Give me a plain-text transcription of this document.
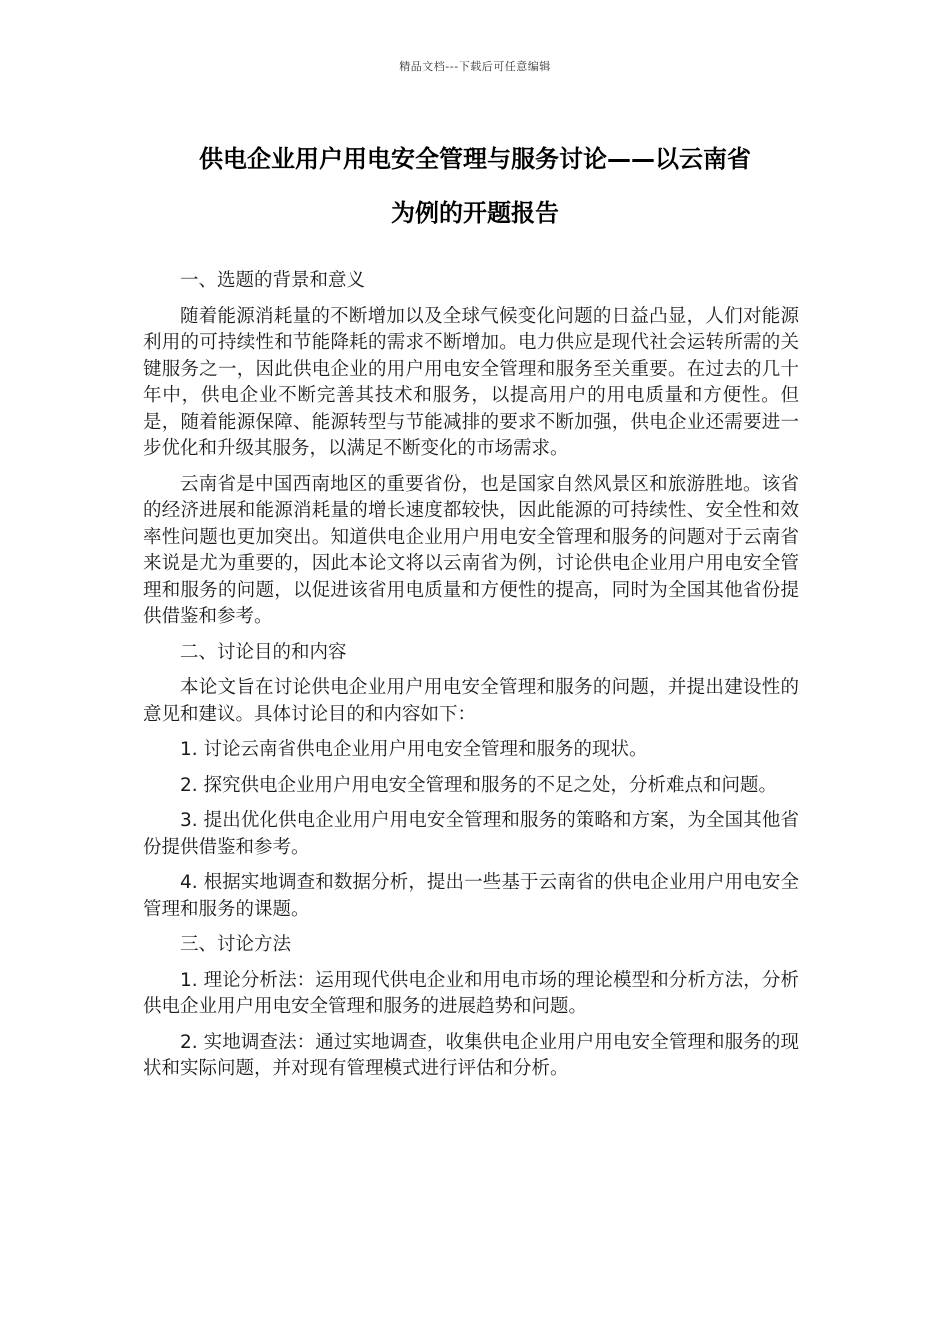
精品文档---下载后可任意编辑
供电企业用户用电安全管理与服务讨论——以云南省
为例的开题报告

一、选题的背景和意义

随着能源消耗量的不断增加以及全球气候变化问题的日益凸显，人们对能源利用的可持续性和节能降耗的需求不断增加。电力供应是现代社会运转所需的关键服务之一，因此供电企业的用户用电安全管理和服务至关重要。在过去的几十年中，供电企业不断完善其技术和服务，以提高用户的用电质量和方便性。但是，随着能源保障、能源转型与节能减排的要求不断加强，供电企业还需要进一步优化和升级其服务，以满足不断变化的市场需求。

云南省是中国西南地区的重要省份，也是国家自然风景区和旅游胜地。该省的经济进展和能源消耗量的增长速度都较快，因此能源的可持续性、安全性和效率性问题也更加突出。知道供电企业用户用电安全管理和服务的问题对于云南省来说是尤为重要的，因此本论文将以云南省为例，讨论供电企业用户用电安全管理和服务的问题，以促进该省用电质量和方便性的提高，同时为全国其他省份提供借鉴和参考。

二、讨论目的和内容

本论文旨在讨论供电企业用户用电安全管理和服务的问题，并提出建设性的意见和建议。具体讨论目的和内容如下：

1. 讨论云南省供电企业用户用电安全管理和服务的现状。

2. 探究供电企业用户用电安全管理和服务的不足之处，分析难点和问题。

3. 提出优化供电企业用户用电安全管理和服务的策略和方案，为全国其他省份提供借鉴和参考。

4. 根据实地调查和数据分析，提出一些基于云南省的供电企业用户用电安全管理和服务的课题。

三、讨论方法

1. 理论分析法：运用现代供电企业和用电市场的理论模型和分析方法，分析供电企业用户用电安全管理和服务的进展趋势和问题。

2. 实地调查法：通过实地调查，收集供电企业用户用电安全管理和服务的现状和实际问题，并对现有管理模式进行评估和分析。
